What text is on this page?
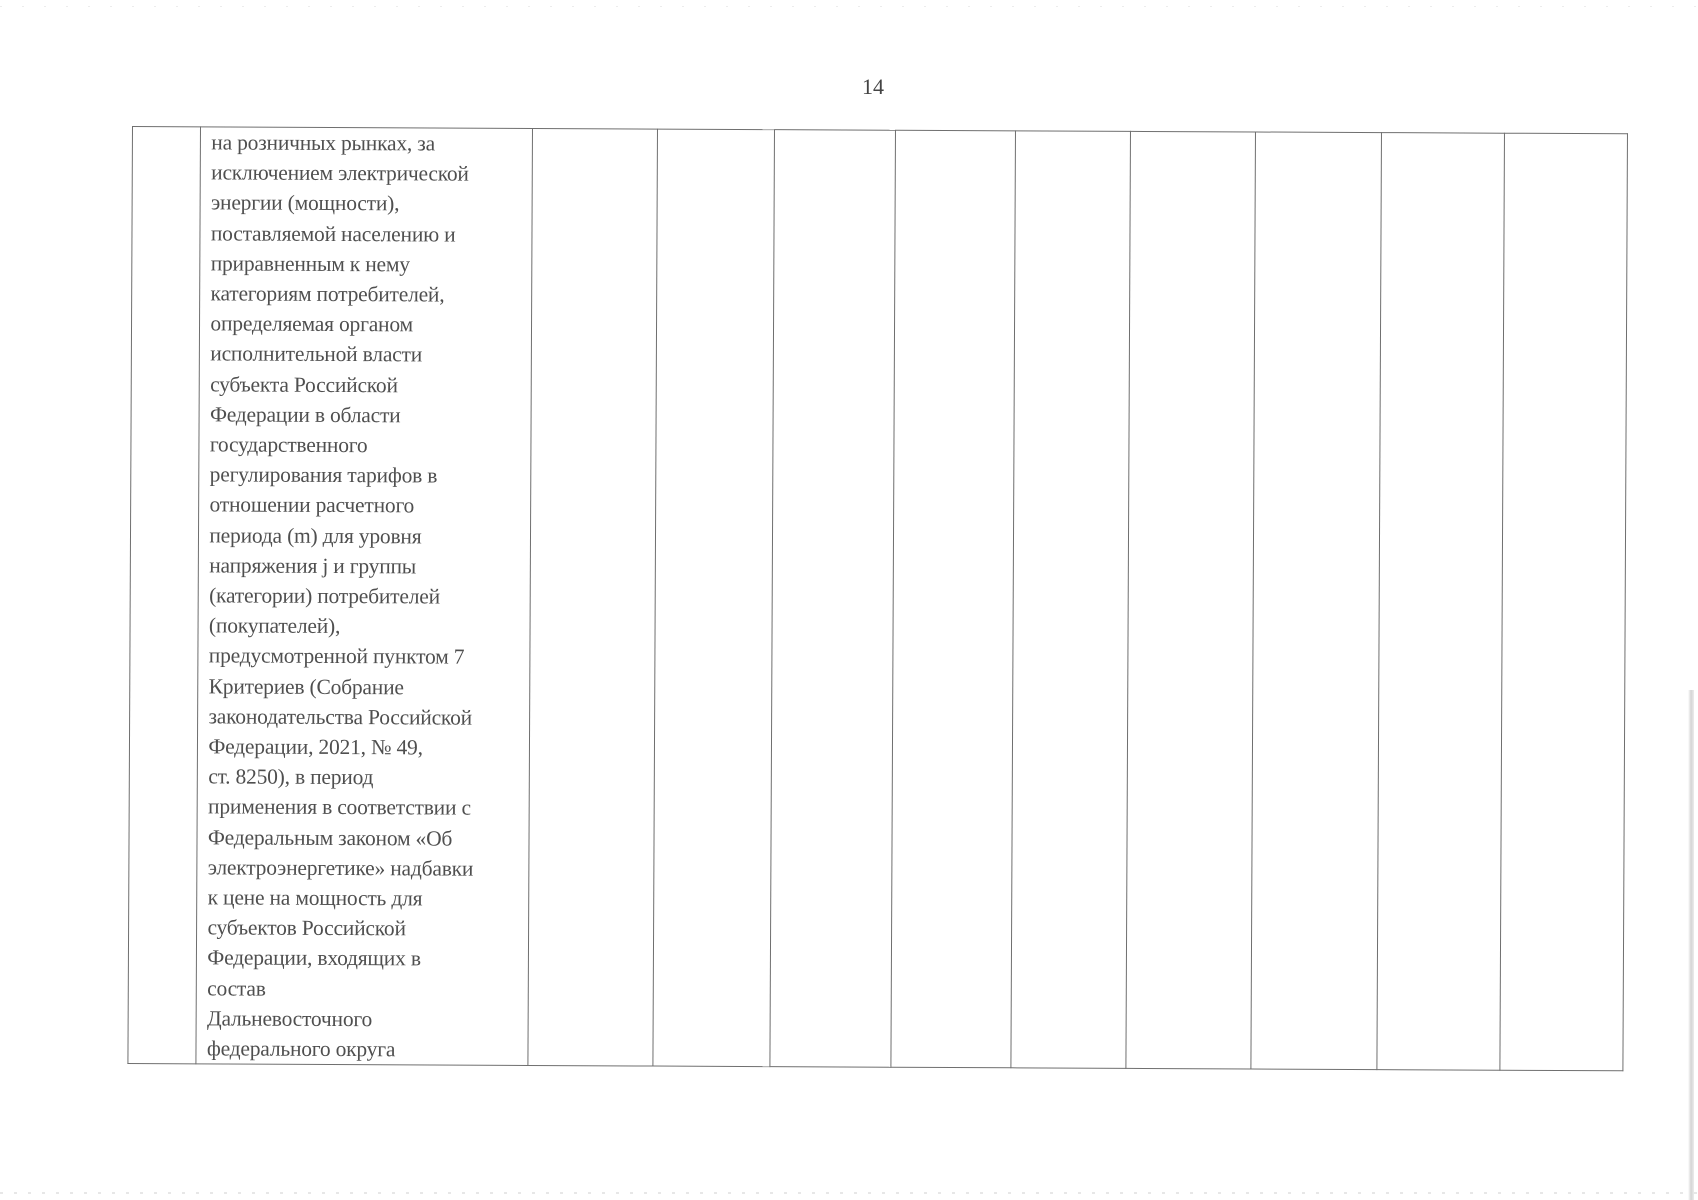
14

на розничных рынках, за

исключением электрической

энергии (мощности),

поставляемой населению и

приравненным к нему

категориям потребителей,

определяемая органом

исполнительной власти

субъекта Российской

Федерации в области

государственного

регулирования тарифов в

отношении расчетного

периода (m) для уровня

напряжения j и группы

(категории) потребителей

(покупателей),

предусмотренной пунктом 7

Критериев (Собрание

законодательства Российской

Федерации, 2021, № 49,

ст. 8250), в период

применения в соответствии с

Федеральным законом «Об

электроэнергетике» надбавки

к цене на мощность для

субъектов Российской

Федерации, входящих в

состав

Дальневосточного

федерального округа
